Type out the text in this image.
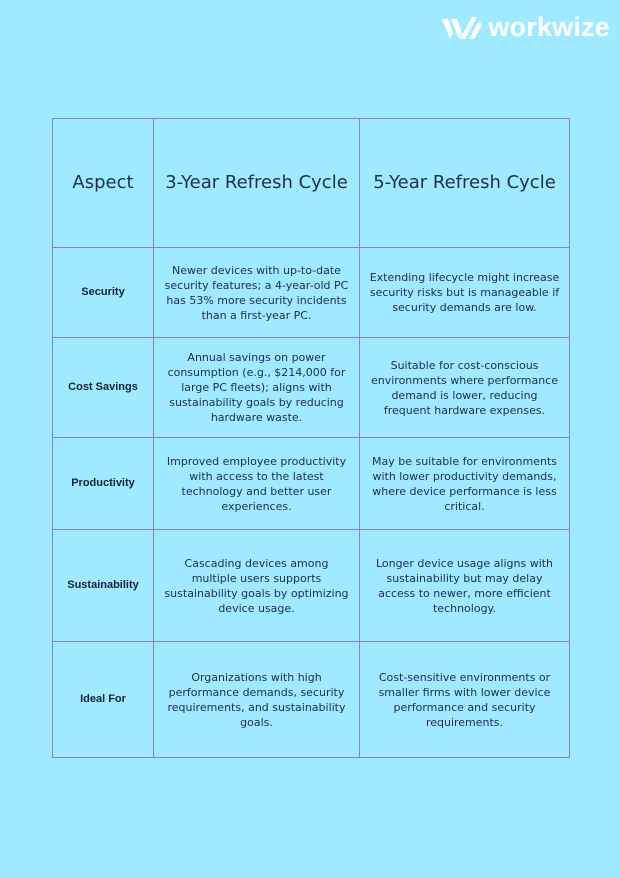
workwize
Aspect	3-Year Refresh Cycle	5-Year Refresh Cycle
Security	Newer devices with up-to-date security features; a 4-year-old PC has 53% more security incidents than a first-year PC.	Extending lifecycle might increase security risks but is manageable if security demands are low.
Cost Savings	Annual savings on power consumption (e.g., $214,000 for large PC fleets); aligns with sustainability goals by reducing hardware waste.	Suitable for cost-conscious environments where performance demand is lower, reducing frequent hardware expenses.
Productivity	Improved employee productivity with access to the latest technology and better user experiences.	May be suitable for environments with lower productivity demands, where device performance is less critical.
Sustainability	Cascading devices among multiple users supports sustainability goals by optimizing device usage.	Longer device usage aligns with sustainability but may delay access to newer, more efficient technology.
Ideal For	Organizations with high performance demands, security requirements, and sustainability goals.	Cost-sensitive environments or smaller firms with lower device performance and security requirements.
